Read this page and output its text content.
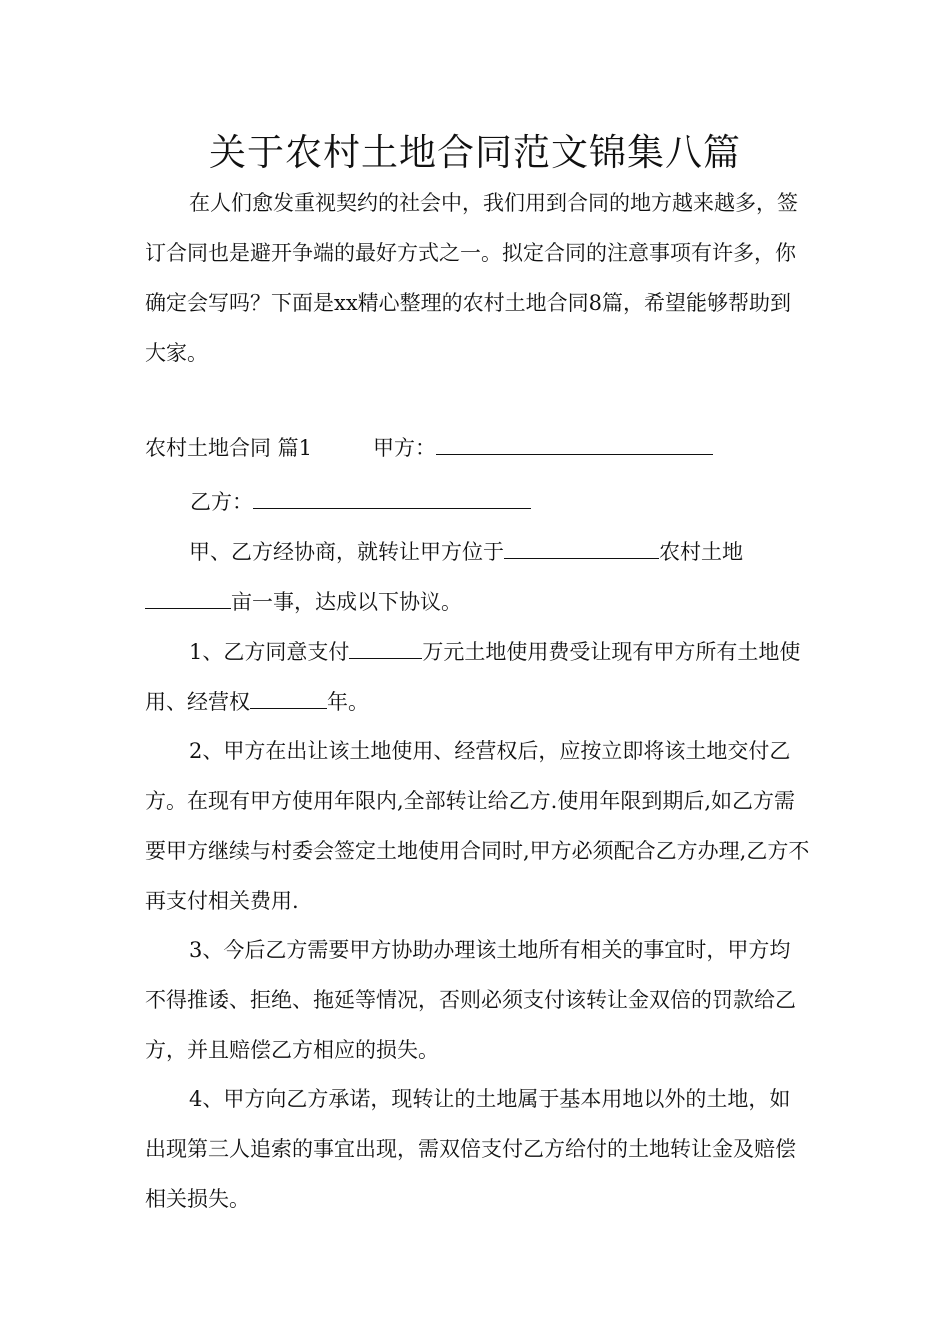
关于农村土地合同范文锦集八篇

在人们愈发重视契约的社会中，我们用到合同的地方越来越多，签订合同也是避开争端的最好方式之一。拟定合同的注意事项有许多，你确定会写吗？下面是xx精心整理的农村土地合同8篇，希望能够帮助到大家。

农村土地合同 篇1	甲方：

乙方：

甲、乙方经协商，就转让甲方位于	农村土地亩一事，达成以下协议。

1、乙方同意支付	万元土地使用费受让现有甲方所有土地使用、经营权	年。

2、甲方在出让该土地使用、经营权后，应按立即将该土地交付乙方。在现有甲方使用年限内,全部转让给乙方.使用年限到期后,如乙方需要甲方继续与村委会签定土地使用合同时,甲方必须配合乙方办理,乙方不再支付相关费用.

3、今后乙方需要甲方协助办理该土地所有相关的事宜时，甲方均不得推诿、拒绝、拖延等情况，否则必须支付该转让金双倍的罚款给乙方，并且赔偿乙方相应的损失。

4、甲方向乙方承诺，现转让的土地属于基本用地以外的土地，如出现第三人追索的事宜出现，需双倍支付乙方给付的土地转让金及赔偿相关损失。
